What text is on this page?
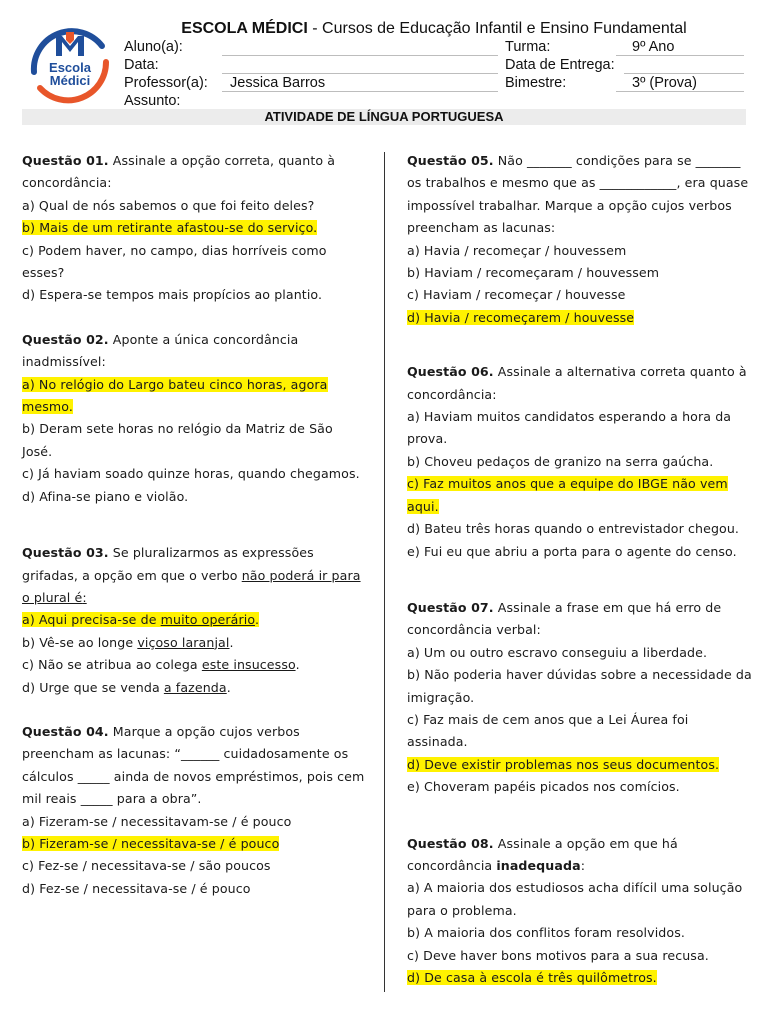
Escola
Médici
ESCOLA MÉDICI - Cursos de Educação Infantil e Ensino Fundamental
Aluno(a):	Turma:	9º Ano
Data:	Data de Entrega:
Professor(a): Jessica Barros	Bimestre:	3º (Prova)
Assunto:
ATIVIDADE DE LÍNGUA PORTUGUESA

Questão 01. Assinale a opção correta, quanto à concordância:

a) Qual de nós sabemos o que foi feito deles?

b) Mais de um retirante afastou-se do serviço.

c) Podem haver, no campo, dias horríveis como esses?

d) Espera-se tempos mais propícios ao plantio.

Questão 02. Aponte a única concordância inadmissível:

a) No relógio do Largo bateu cinco horas, agora mesmo.

b) Deram sete horas no relógio da Matriz de São José.

c) Já haviam soado quinze horas, quando chegamos.

d) Afina-se piano e violão.

Questão 03. Se pluralizarmos as expressões grifadas, a opção em que o verbo não poderá ir para o plural é:

a) Aqui precisa-se de muito operário.

b) Vê-se ao longe viçoso laranjal.

c) Não se atribua ao colega este insucesso.

d) Urge que se venda a fazenda.

Questão 04. Marque a opção cujos verbos preencham as lacunas: “______ cuidadosamente os cálculos _____ ainda de novos empréstimos, pois cem mil reais _____ para a obra”.

a) Fizeram-se / necessitavam-se / é pouco

b) Fizeram-se / necessitava-se / é pouco

c) Fez-se / necessitava-se / são poucos

d) Fez-se / necessitava-se / é pouco

Questão 05. Não _______ condições para se _______ os trabalhos e mesmo que as ____________, era quase impossível trabalhar. Marque a opção cujos verbos preencham as lacunas:

a) Havia / recomeçar / houvessem

b) Haviam / recomeçaram / houvessem

c) Haviam / recomeçar / houvesse

d) Havia / recomeçarem / houvesse

Questão 06. Assinale a alternativa correta quanto à concordância:

a) Haviam muitos candidatos esperando a hora da prova.

b) Choveu pedaços de granizo na serra gaúcha.

c) Faz muitos anos que a equipe do IBGE não vem aqui.

d) Bateu três horas quando o entrevistador chegou.

e) Fui eu que abriu a porta para o agente do censo.

Questão 07. Assinale a frase em que há erro de concordância verbal:

a) Um ou outro escravo conseguiu a liberdade.

b) Não poderia haver dúvidas sobre a necessidade da imigração.

c) Faz mais de cem anos que a Lei Áurea foi assinada.

d) Deve existir problemas nos seus documentos.

e) Choveram papéis picados nos comícios.

Questão 08. Assinale a opção em que há concordância inadequada:

a) A maioria dos estudiosos acha difícil uma solução para o problema.

b) A maioria dos conflitos foram resolvidos.

c) Deve haver bons motivos para a sua recusa.

d) De casa à escola é três quilômetros.
